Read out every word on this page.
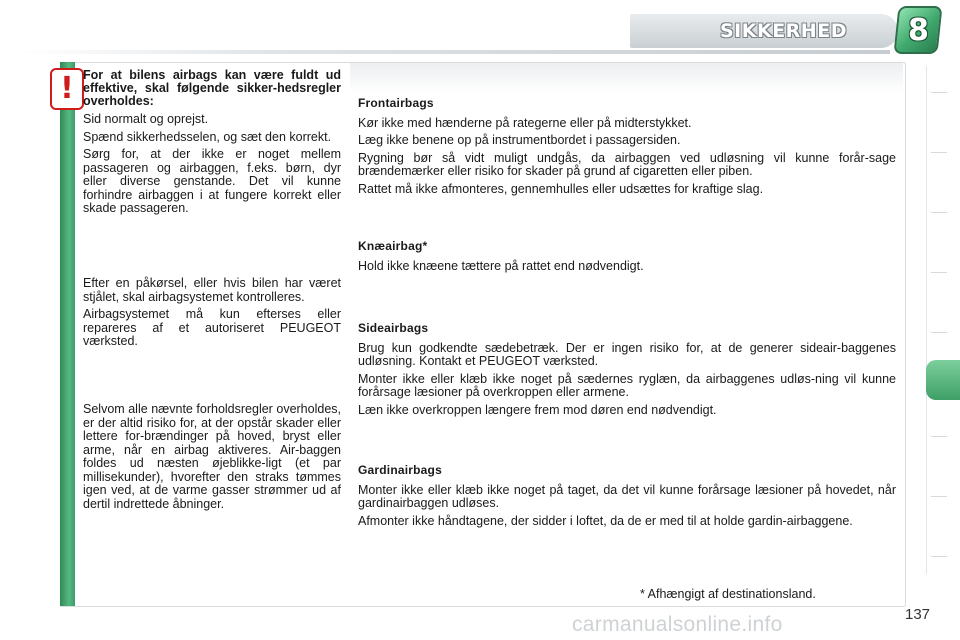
SIKKERHED	8
! For at bilens airbags kan være fuldt ud effektive, skal følgende sikker-hedsregler overholdes:

Sid normalt og oprejst.

Spænd sikkerhedsselen, og sæt den korrekt.

Sørg for, at der ikke er noget mellem passageren og airbaggen, f.eks. børn, dyr eller diverse genstande. Det vil kunne forhindre airbaggen i at fungere korrekt eller skade passageren.

Efter en påkørsel, eller hvis bilen har været stjålet, skal airbagsystemet kontrolleres.

Airbagsystemet må kun efterses eller repareres af et autoriseret PEUGEOT værksted.

Selvom alle nævnte forholdsregler overholdes, er der altid risiko for, at der opstår skader eller lettere for-brændinger på hoved, bryst eller arme, når en airbag aktiveres. Air-baggen foldes ud næsten øjeblikke-ligt (et par millisekunder), hvorefter den straks tømmes igen ved, at de varme gasser strømmer ud af dertil indrettede åbninger.

Frontairbags

Kør ikke med hænderne på rategerne eller på midterstykket.

Læg ikke benene op på instrumentbordet i passagersiden.

Rygning bør så vidt muligt undgås, da airbaggen ved udløsning vil kunne forår-sage brændemærker eller risiko for skader på grund af cigaretten eller piben.

Rattet må ikke afmonteres, gennemhulles eller udsættes for kraftige slag.

Knæairbag*

Hold ikke knæene tættere på rattet end nødvendigt.

Sideairbags

Brug kun godkendte sædebetræk. Der er ingen risiko for, at de generer sideair-baggenes udløsning. Kontakt et PEUGEOT værksted.

Monter ikke eller klæb ikke noget på sædernes ryglæn, da airbaggenes udløs-ning vil kunne forårsage læsioner på overkroppen eller armene.

Læn ikke overkroppen længere frem mod døren end nødvendigt.

Gardinairbags

Monter ikke eller klæb ikke noget på taget, da det vil kunne forårsage læsioner på hovedet, når gardinairbaggen udløses.

Afmonter ikke håndtagene, der sidder i loftet, da de er med til at holde gardin-airbaggene.

* Afhængigt af destinationsland.
137
carmanualsonline.info
